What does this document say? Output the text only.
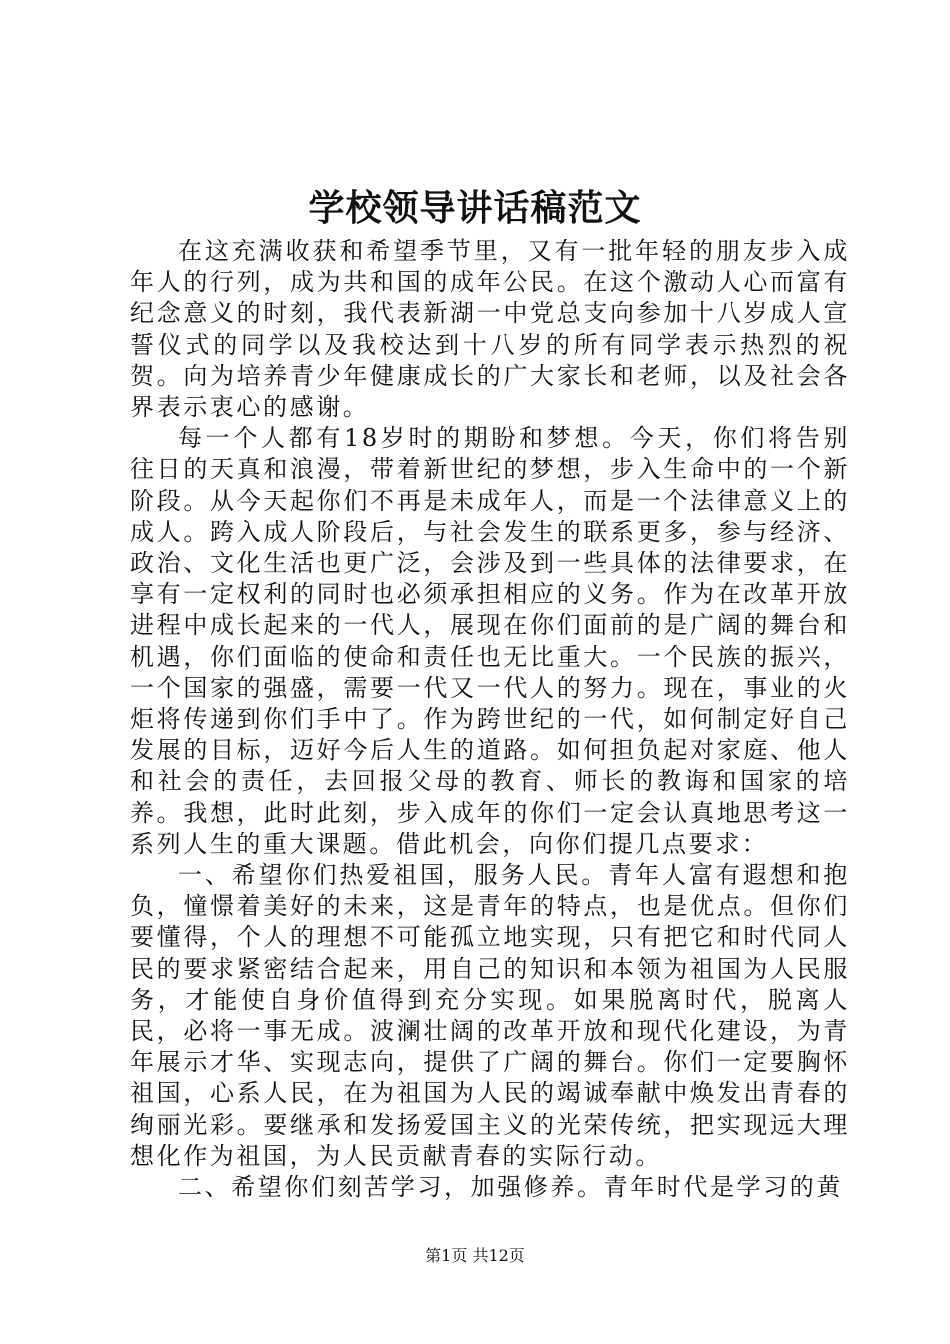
学校领导讲话稿范文

在这充满收获和希望季节里，又有一批年轻的朋友步入成年人的行列，成为共和国的成年公民。在这个激动人心而富有纪念意义的时刻，我代表新湖一中党总支向参加十八岁成人宣誓仪式的同学以及我校达到十八岁的所有同学表示热烈的祝贺。向为培养青少年健康成长的广大家长和老师，以及社会各界表示衷心的感谢。

每一个人都有18岁时的期盼和梦想。今天，你们将告别往日的天真和浪漫，带着新世纪的梦想，步入生命中的一个新阶段。从今天起你们不再是未成年人，而是一个法律意义上的成人。跨入成人阶段后，与社会发生的联系更多，参与经济、政治、文化生活也更广泛，会涉及到一些具体的法律要求，在享有一定权利的同时也必须承担相应的义务。作为在改革开放进程中成长起来的一代人，展现在你们面前的是广阔的舞台和机遇，你们面临的使命和责任也无比重大。一个民族的振兴，一个国家的强盛，需要一代又一代人的努力。现在，事业的火炬将传递到你们手中了。作为跨世纪的一代，如何制定好自己发展的目标，迈好今后人生的道路。如何担负起对家庭、他人和社会的责任，去回报父母的教育、师长的教诲和国家的培养。我想，此时此刻，步入成年的你们一定会认真地思考这一系列人生的重大课题。借此机会，向你们提几点要求：

一、希望你们热爱祖国，服务人民。青年人富有遐想和抱负，憧憬着美好的未来，这是青年的特点，也是优点。但你们要懂得，个人的理想不可能孤立地实现，只有把它和时代同人民的要求紧密结合起来，用自己的知识和本领为祖国为人民服务，才能使自身价值得到充分实现。如果脱离时代，脱离人民，必将一事无成。波澜壮阔的改革开放和现代化建设，为青年展示才华、实现志向，提供了广阔的舞台。你们一定要胸怀祖国，心系人民，在为祖国为人民的竭诚奉献中焕发出青春的绚丽光彩。要继承和发扬爱国主义的光荣传统，把实现远大理想化作为祖国，为人民贡献青春的实际行动。

二、希望你们刻苦学习，加强修养。青年时代是学习的黄

第1页 共12页
